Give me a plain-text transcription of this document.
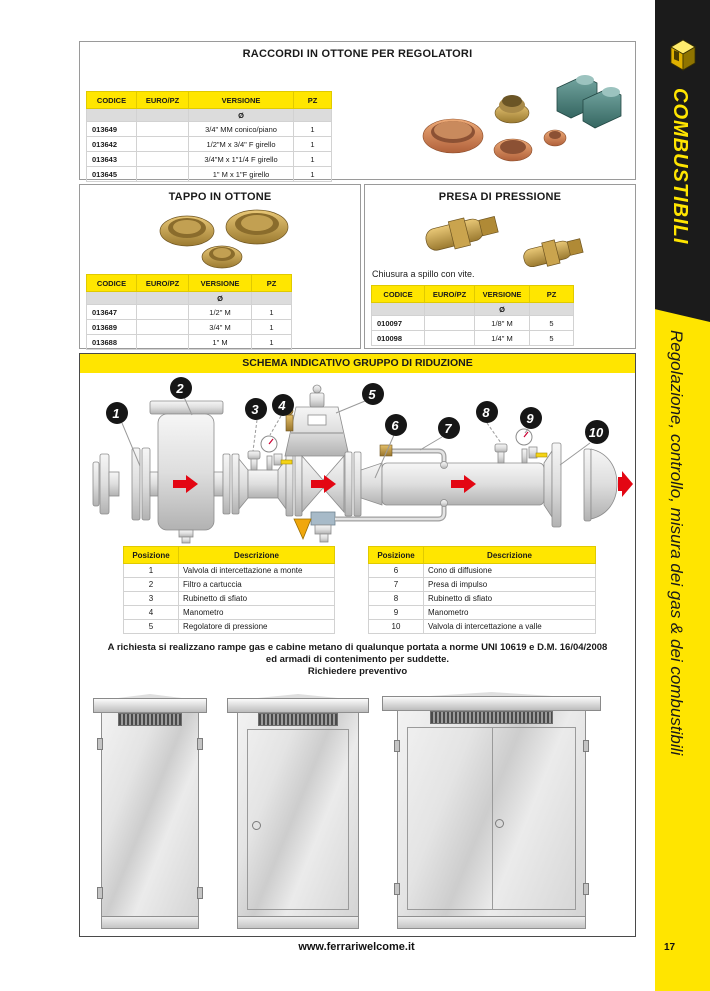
RACCORDI IN OTTONE PER REGOLATORI
CODICE	EURO/PZ	VERSIONE	PZ
		Ø	
013649		3/4" MM conico/piano	1
013642		1/2"M x 3/4" F girello	1
013643		3/4"M x 1"1/4 F girello	1
013645		1" M x 1"F girello	1
TAPPO IN OTTONE
CODICE	EURO/PZ	VERSIONE	PZ
		Ø	
013647		1/2" M	1
013689		3/4" M	1
013688		1" M	1
PRESA DI PRESSIONE
Chiusura a spillo con vite.
CODICE	EURO/PZ	VERSIONE	PZ
		Ø	
010097		1/8" M	5
010098		1/4" M	5
SCHEMA INDICATIVO GRUPPO DI RIDUZIONE
1
2
3 4
5
6	7
8	9
10
Posizione	Descrizione
1	Valvola di intercettazione a monte
2	Filtro a cartuccia
3	Rubinetto di sfiato
4	Manometro
5	Regolatore di pressione
Posizione	Descrizione
6	Cono di diffusione
7	Presa di impulso
8	Rubinetto di sfiato
9	Manometro
10	Valvola di intercettazione a valle
A richiesta si realizzano rampe gas e cabine metano di qualunque portata a norme UNI 10619 e D.M. 16/04/2008
ed armadi di contenimento per suddette.
Richiedere preventivo
www.ferrariwelcome.it
COMBUSTIBILI
Regolazione, controllo, misura dei gas & dei combustibili
17
